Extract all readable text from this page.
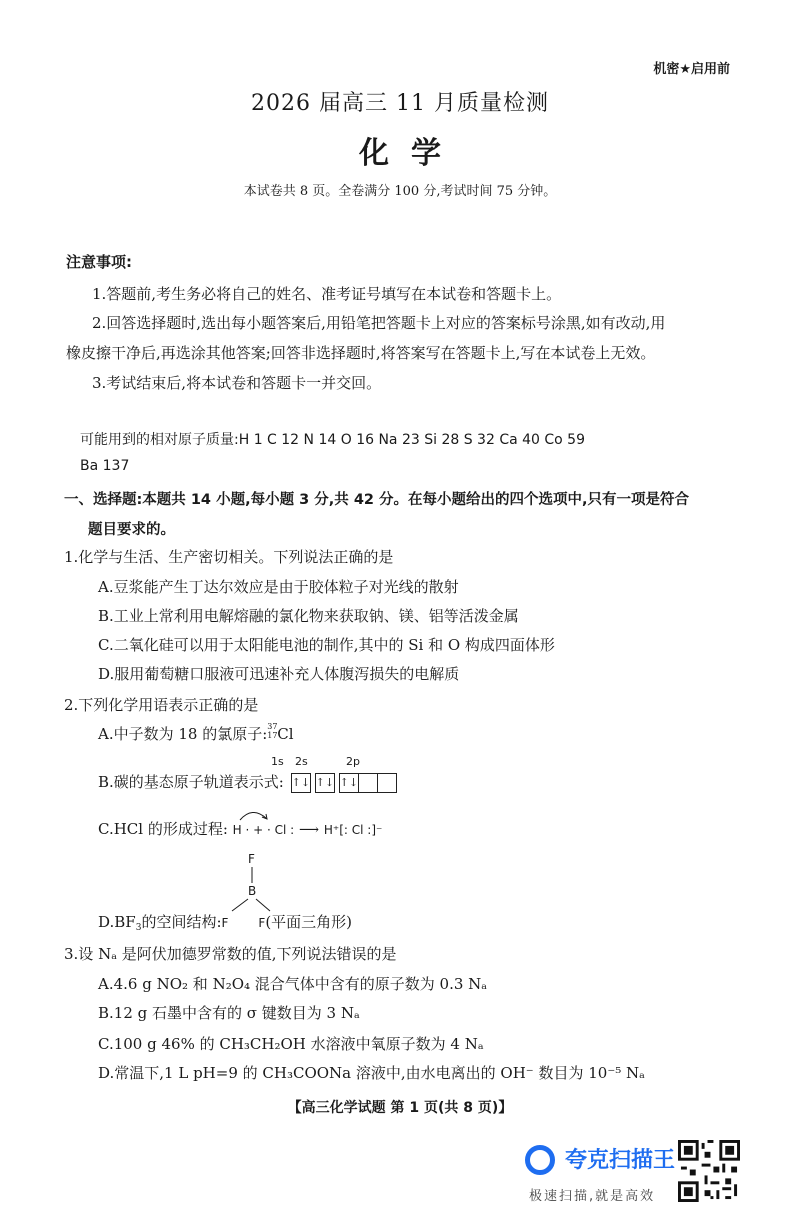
机密★启用前
2026 届高三 11 月质量检测
化学
本试卷共 8 页。全卷满分 100 分,考试时间 75 分钟。
注意事项:
1.答题前,考生务必将自己的姓名、准考证号填写在本试卷和答题卡上。
2.回答选择题时,选出每小题答案后,用铅笔把答题卡上对应的答案标号涂黑,如有改动,用
橡皮擦干净后,再选涂其他答案;回答非选择题时,将答案写在答题卡上,写在本试卷上无效。
3.考试结束后,将本试卷和答题卡一并交回。
可能用到的相对原子质量:H 1 C 12 N 14 O 16 Na 23 Si 28 S 32 Ca 40 Co 59
Ba 137
一、选择题:本题共 14 小题,每小题 3 分,共 42 分。在每小题给出的四个选项中,只有一项是符合
题目要求的。
1.化学与生活、生产密切相关。下列说法正确的是
A.豆浆能产生丁达尔效应是由于胶体粒子对光线的散射
B.工业上常利用电解熔融的氯化物来获取钠、镁、铝等活泼金属
C.二氧化硅可以用于太阳能电池的制作,其中的 Si 和 O 构成四面体形
D.服用葡萄糖口服液可迅速补充人体腹泻损失的电解质
2.下列化学用语表示正确的是
A.中子数为 18 的氯原子: 37
17 Cl
1s 2s	2p
B.碳的基态原子轨道表示式: ↑↓ ↑↓ ↑↓
C.HCl 的形成过程: H · + · Cl : ⟶ H⁺[: Cl :]⁻
F
B
$D.BF_3$的空间结构:F	F(平面三角形)
3.设 Nₐ 是阿伏加德罗常数的值,下列说法错误的是
A.4.6 g NO₂ 和 N₂O₄ 混合气体中含有的原子数为 0.3 Nₐ
B.12 g 石墨中含有的 σ 键数目为 3 Nₐ
C.100 g 46% 的 CH₃CH₂OH 水溶液中氧原子数为 4 Nₐ
D.常温下,1 L pH=9 的 CH₃COONa 溶液中,由水电离出的 OH⁻ 数目为 10⁻⁵ Nₐ
【高三化学试题 第 1 页(共 8 页)】
夸克扫描王
极速扫描,就是高效
